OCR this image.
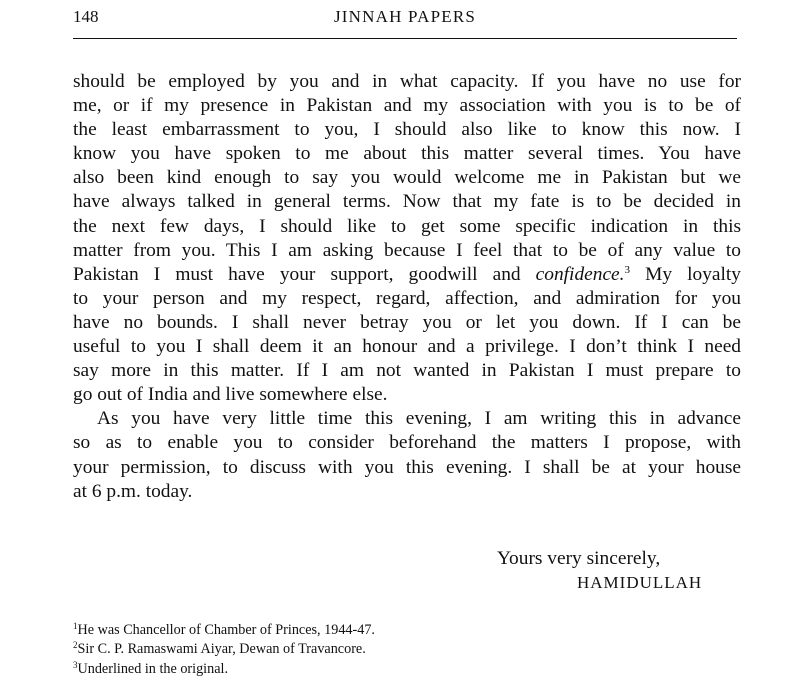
148	JINNAH PAPERS
should be employed by you and in what capacity. If you have no use for
me, or if my presence in Pakistan and my association with you is to be of
the least embarrassment to you, I should also like to know this now. I
know you have spoken to me about this matter several times. You have
also been kind enough to say you would welcome me in Pakistan but we
have always talked in general terms. Now that my fate is to be decided in
the next few days, I should like to get some specific indication in this
matter from you. This I am asking because I feel that to be of any value to
Pakistan I must have your support, goodwill and confidence.$^3$ My loyalty
to your person and my respect, regard, affection, and admiration for you
have no bounds. I shall never betray you or let you down. If I can be
useful to you I shall deem it an honour and a privilege. I don’t think I need
say more in this matter. If I am not wanted in Pakistan I must prepare to
go out of India and live somewhere else.
As you have very little time this evening, I am writing this in advance
so as to enable you to consider beforehand the matters I propose, with
your permission, to discuss with you this evening. I shall be at your house
at 6 p.m. today.
Yours very sincerely,
HAMIDULLAH
$^1$He was Chancellor of Chamber of Princes, 1944-47.
$^2$Sir C. P. Ramaswami Aiyar, Dewan of Travancore.
$^3$Underlined in the original.
